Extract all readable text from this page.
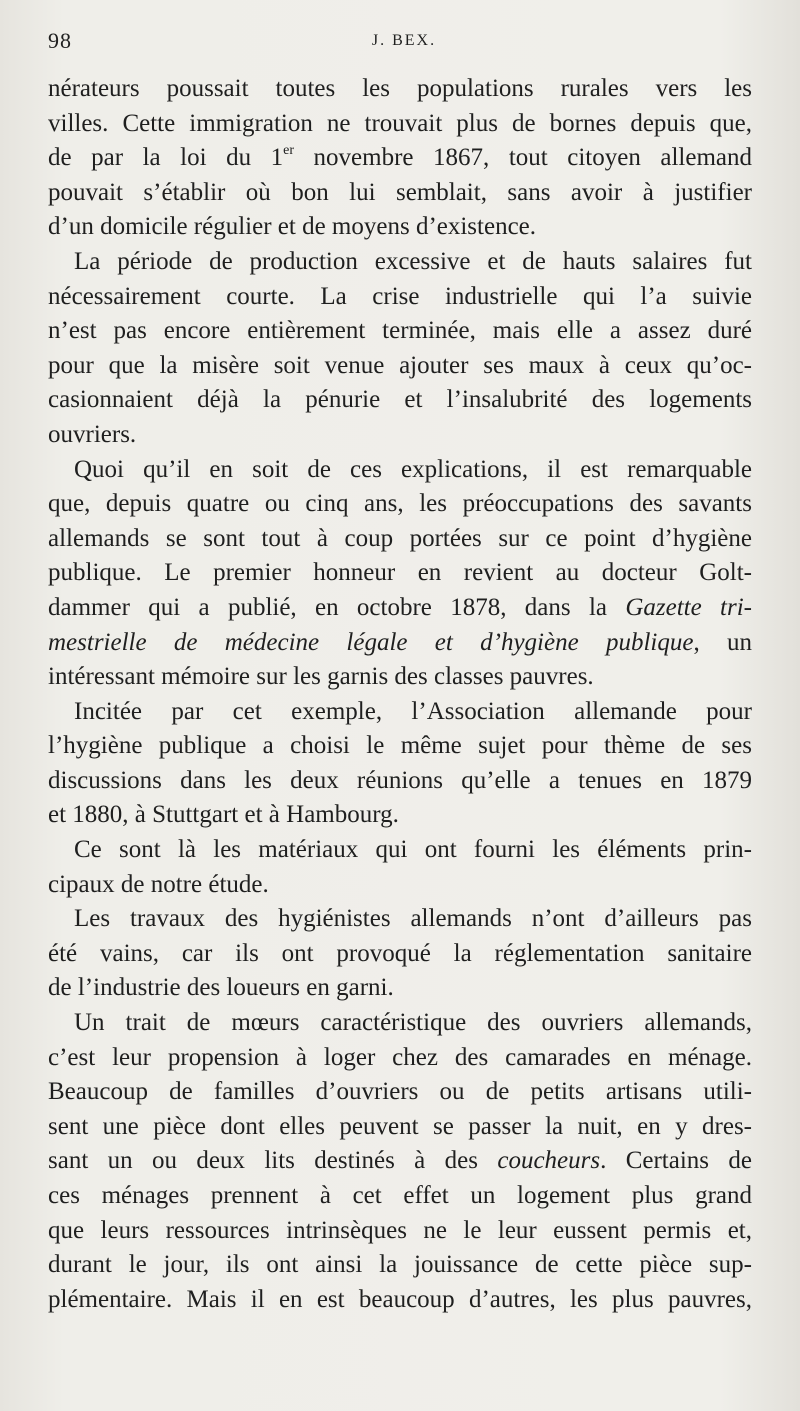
98	J. BEX.

nérateurs poussait toutes les populations rurales vers les
villes. Cette immigration ne trouvait plus de bornes depuis que,
de par la loi du 1er novembre 1867, tout citoyen allemand
pouvait s’établir où bon lui semblait, sans avoir à justifier
d’un domicile régulier et de moyens d’existence.

La période de production excessive et de hauts salaires fut
nécessairement courte. La crise industrielle qui l’a suivie
n’est pas encore entièrement terminée, mais elle a assez duré
pour que la misère soit venue ajouter ses maux à ceux qu’oc-
casionnaient déjà la pénurie et l’insalubrité des logements
ouvriers.

Quoi qu’il en soit de ces explications, il est remarquable
que, depuis quatre ou cinq ans, les préoccupations des savants
allemands se sont tout à coup portées sur ce point d’hygiène
publique. Le premier honneur en revient au docteur Golt-
dammer qui a publié, en octobre 1878, dans la Gazette tri-
mestrielle de médecine légale et d’hygiène publique, un
intéressant mémoire sur les garnis des classes pauvres.

Incitée par cet exemple, l’Association allemande pour
l’hygiène publique a choisi le même sujet pour thème de ses
discussions dans les deux réunions qu’elle a tenues en 1879
et 1880, à Stuttgart et à Hambourg.

Ce sont là les matériaux qui ont fourni les éléments prin-
cipaux de notre étude.

Les travaux des hygiénistes allemands n’ont d’ailleurs pas
été vains, car ils ont provoqué la réglementation sanitaire
de l’industrie des loueurs en garni.

Un trait de mœurs caractéristique des ouvriers allemands,
c’est leur propension à loger chez des camarades en ménage.
Beaucoup de familles d’ouvriers ou de petits artisans utili-
sent une pièce dont elles peuvent se passer la nuit, en y dres-
sant un ou deux lits destinés à des coucheurs. Certains de
ces ménages prennent à cet effet un logement plus grand
que leurs ressources intrinsèques ne le leur eussent permis et,
durant le jour, ils ont ainsi la jouissance de cette pièce sup-
plémentaire. Mais il en est beaucoup d’autres, les plus pauvres,
